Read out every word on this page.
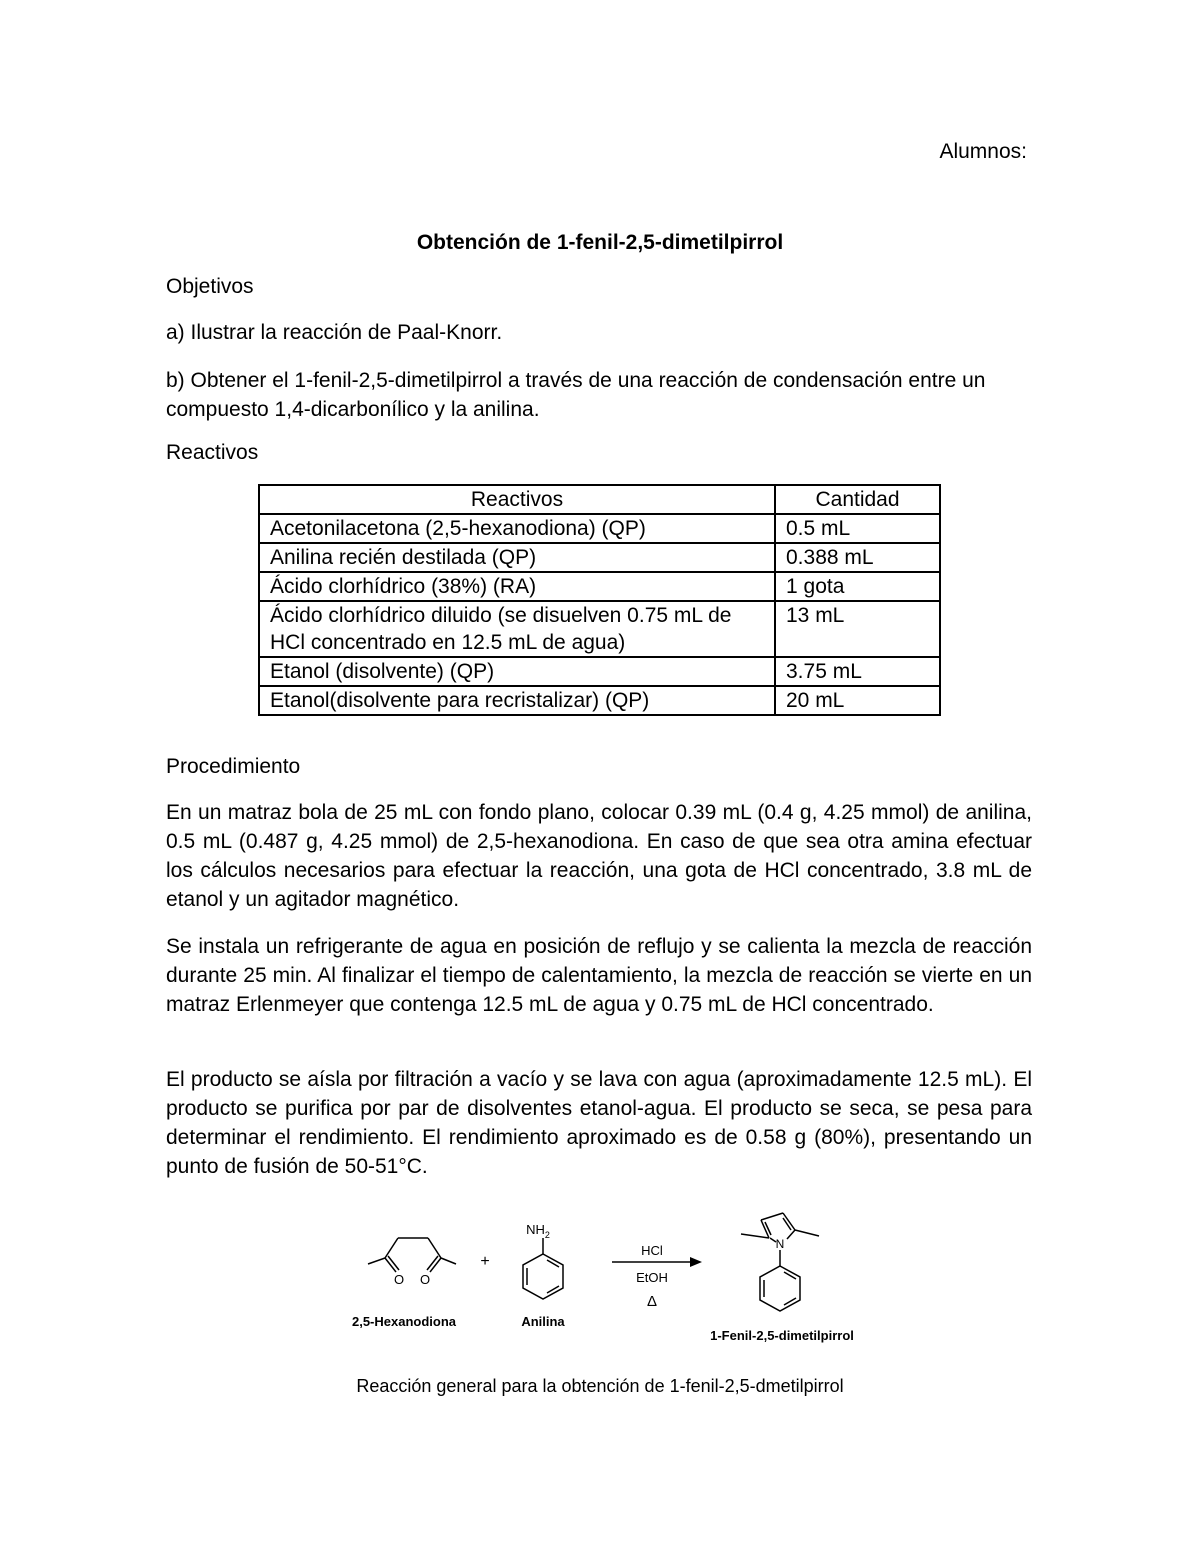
Alumnos:
Obtención de 1-fenil-2,5-dimetilpirrol
Objetivos

a) Ilustrar la reacción de Paal-Knorr.

b) Obtener el 1-fenil-2,5-dimetilpirrol a través de una reacción de condensación entre un compuesto 1,4-dicarbonílico y la anilina.

Reactivos
Reactivos	Cantidad
Acetonilacetona (2,5-hexanodiona) (QP)	0.5 mL
Anilina recién destilada (QP)	0.388 mL
Ácido clorhídrico (38%) (RA)	1 gota
Ácido clorhídrico diluido (se disuelven 0.75 mL de HCl concentrado en 12.5 mL de agua)	13 mL
Etanol (disolvente) (QP)	3.75 mL
Etanol(disolvente para recristalizar) (QP)	20 mL
Procedimiento

En un matraz bola de 25 mL con fondo plano, colocar 0.39 mL (0.4 g, 4.25 mmol) de anilina, 0.5 mL (0.487 g, 4.25 mmol) de 2,5-hexanodiona. En caso de que sea otra amina efectuar los cálculos necesarios para efectuar la reacción, una gota de HCl concentrado, 3.8 mL de etanol y un agitador magnético.

Se instala un refrigerante de agua en posición de reflujo y se calienta la mezcla de reacción durante 25 min. Al finalizar el tiempo de calentamiento, la mezcla de reacción se vierte en un matraz Erlenmeyer que contenga 12.5 mL de agua y 0.75 mL de HCl concentrado.

El producto se aísla por filtración a vacío y se lava con agua (aproximadamente 12.5 mL). El producto se purifica por par de disolventes etanol-agua. El producto se seca, se pesa para determinar el rendimiento. El rendimiento aproximado es de 0.58 g (80%), presentando un punto de fusión de 50-51°C.

O O
2,5-Hexanodiona
+
$NH_2$
Anilina
HCl
EtOH
Δ
N
1-Fenil-2,5-dimetilpirrol
Reacción general para la obtención de 1-fenil-2,5-dmetilpirrol
